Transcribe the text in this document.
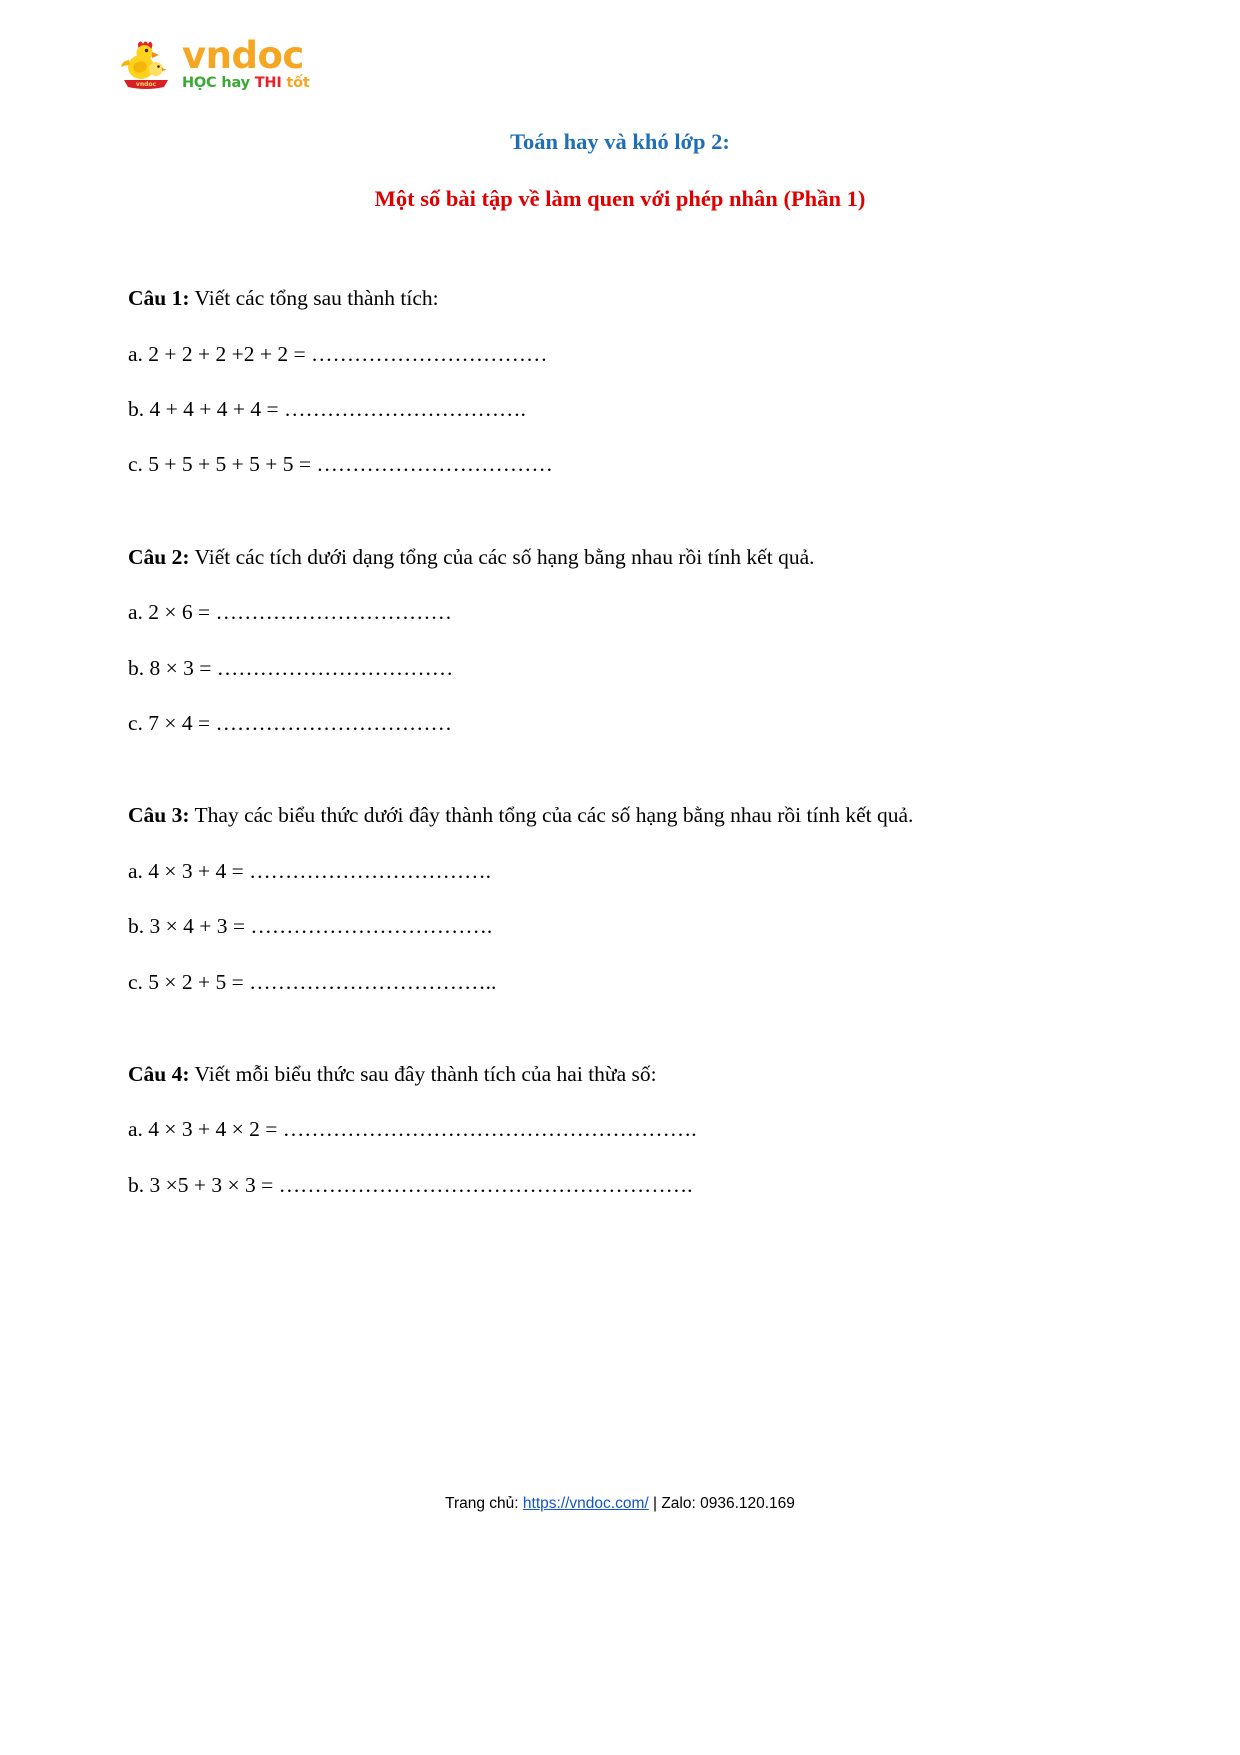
vndoc
vndoc
HỌC hay THI tốt
Toán hay và khó lớp 2:
Một số bài tập về làm quen với phép nhân (Phần 1)
Câu 1: Viết các tổng sau thành tích:
a. 2 + 2 + 2 +2 + 2 = ……………………………
b. 4 + 4 + 4 + 4 = …………………………….
c. 5 + 5 + 5 + 5 + 5 = ……………………………
Câu 2: Viết các tích dưới dạng tổng của các số hạng bằng nhau rồi tính kết quả.
a. 2 × 6 = ……………………………
b. 8 × 3 = ……………………………
c. 7 × 4 = ……………………………
Câu 3: Thay các biểu thức dưới đây thành tổng của các số hạng bằng nhau rồi tính kết quả.
a. 4 × 3 + 4 = …………………………….
b. 3 × 4 + 3 = …………………………….
c. 5 × 2 + 5 = ……………………………..
Câu 4: Viết mỗi biểu thức sau đây thành tích của hai thừa số:
a. 4 × 3 + 4 × 2 = ………………………………………………….
b. 3 ×5 + 3 × 3 = ………………………………………………….
Trang chủ: https://vndoc.com/ | Zalo: 0936.120.169
